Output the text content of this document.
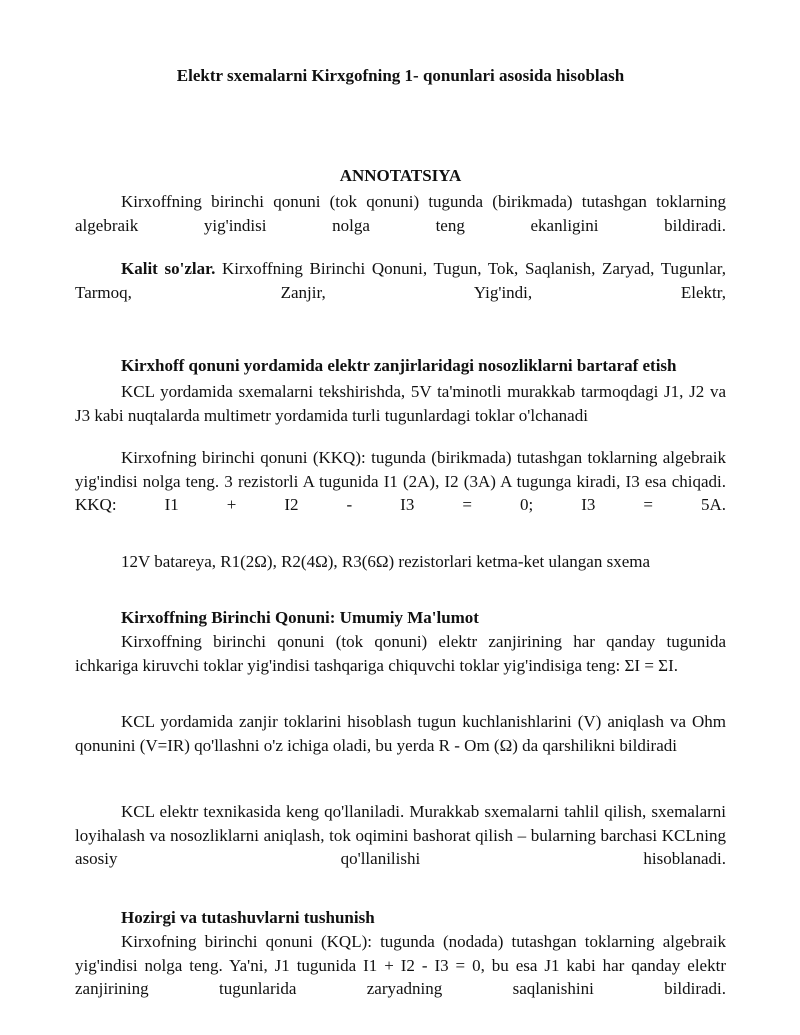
Elektr sxemalarni Kirxgofning 1- qonunlari asosida hisoblash
ANNOTATSIYA
Kirxoffning birinchi qonuni (tok qonuni) tugunda (birikmada) tutashgan toklarning algebraik yig'indisi nolga teng ekanligini bildiradi.
Kalit so'zlar. Kirxoffning Birinchi Qonuni, Tugun, Tok, Saqlanish, Zaryad, Tugunlar, Tarmoq, Zanjir, Yig'indi, Elektr,
Kirxhoff qonuni yordamida elektr zanjirlaridagi nosozliklarni bartaraf etish
KCL yordamida sxemalarni tekshirishda, 5V ta'minotli murakkab tarmoqdagi J1, J2 va J3 kabi nuqtalarda multimetr yordamida turli tugunlardagi toklar o'lchanadi
Kirxofning birinchi qonuni (KKQ): tugunda (birikmada) tutashgan toklarning algebraik yig'indisi nolga teng. 3 rezistorli A tugunida I1 (2A), I2 (3A) A tugunga kiradi, I3 esa chiqadi. KKQ: I1 + I2 - I3 = 0; I3 = 5A.
12V batareya, R1(2Ω), R2(4Ω), R3(6Ω) rezistorlari ketma-ket ulangan sxema
Kirxoffning Birinchi Qonuni: Umumiy Ma'lumot
Kirxoffning birinchi qonuni (tok qonuni) elektr zanjirining har qanday tugunida ichkariga kiruvchi toklar yig'indisi tashqariga chiquvchi toklar yig'indisiga teng: ΣI = ΣI.
KCL yordamida zanjir toklarini hisoblash tugun kuchlanishlarini (V) aniqlash va Ohm qonunini (V=IR) qo'llashni o'z ichiga oladi, bu yerda R - Om (Ω) da qarshilikni bildiradi
KCL elektr texnikasida keng qo'llaniladi. Murakkab sxemalarni tahlil qilish, sxemalarni loyihalash va nosozliklarni aniqlash, tok oqimini bashorat qilish – bularning barchasi KCLning asosiy qo'llanilishi hisoblanadi.
Hozirgi va tutashuvlarni tushunish
Kirxofning birinchi qonuni (KQL): tugunda (nodada) tutashgan toklarning algebraik yig'indisi nolga teng. Ya'ni, J1 tugunida I1 + I2 - I3 = 0, bu esa J1 kabi har qanday elektr zanjirining tugunlarida zaryadning saqlanishini bildiradi.
